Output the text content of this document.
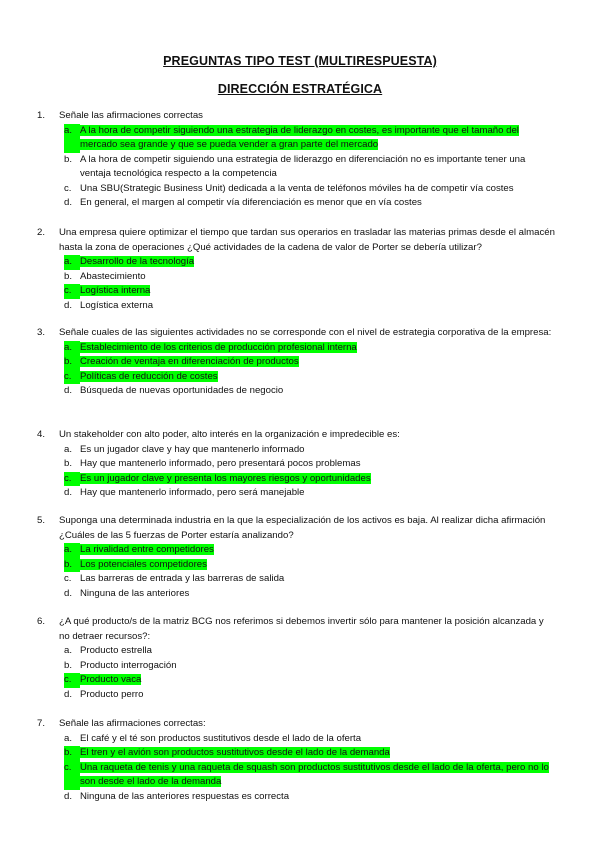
PREGUNTAS TIPO TEST (MULTIRESPUESTA)
DIRECCIÓN ESTRATÉGICA
1.	Señale las afirmaciones correctas
a. A la hora de competir siguiendo una estrategia de liderazgo en costes, es importante que el tamaño del mercado sea grande y que se pueda vender a gran parte del mercado
b. A la hora de competir siguiendo una estrategia de liderazgo en diferenciación no es importante tener una ventaja tecnológica respecto a la competencia
c. Una SBU(Strategic Business Unit) dedicada a la venta de teléfonos móviles ha de competir vía costes
d. En general, el margen al competir vía diferenciación es menor que en vía costes
2.	Una empresa quiere optimizar el tiempo que tardan sus operarios en trasladar las materias primas desde el almacén hasta la zona de operaciones ¿Qué actividades de la cadena de valor de Porter se debería utilizar?
a. Desarrollo de la tecnología
b. Abastecimiento
c. Logística interna
d. Logística externa
3.	Señale cuales de las siguientes actividades no se corresponde con el nivel de estrategia corporativa de la empresa:
a. Establecimiento de los criterios de producción profesional interna
b. Creación de ventaja en diferenciación de productos
c. Políticas de reducción de costes
d. Búsqueda de nuevas oportunidades de negocio
4.	Un stakeholder con alto poder, alto interés en la organización e impredecible es:
a. Es un jugador clave y hay que mantenerlo informado
b. Hay que mantenerlo informado, pero presentará pocos problemas
c. Es un jugador clave y presenta los mayores riesgos y oportunidades
d. Hay que mantenerlo informado, pero será manejable
5.	Suponga una determinada industria en la que la especialización de los activos es baja. Al realizar dicha afirmación ¿Cuáles de las 5 fuerzas de Porter estaría analizando?
a. La rivalidad entre competidores
b. Los potenciales competidores
c. Las barreras de entrada y las barreras de salida
d. Ninguna de las anteriores
6.	¿A qué producto/s de la matriz BCG nos referimos si debemos invertir sólo para mantener la posición alcanzada y no detraer recursos?:
a. Producto estrella
b. Producto interrogación
c. Producto vaca
d. Producto perro
7.	Señale las afirmaciones correctas:
a. El café y el té son productos sustitutivos desde el lado de la oferta
b. El tren y el avión son productos sustitutivos desde el lado de la demanda
c. Una raqueta de tenis y una raqueta de squash son productos sustitutivos desde el lado de la oferta, pero no lo son desde el lado de la demanda
d. Ninguna de las anteriores respuestas es correcta
